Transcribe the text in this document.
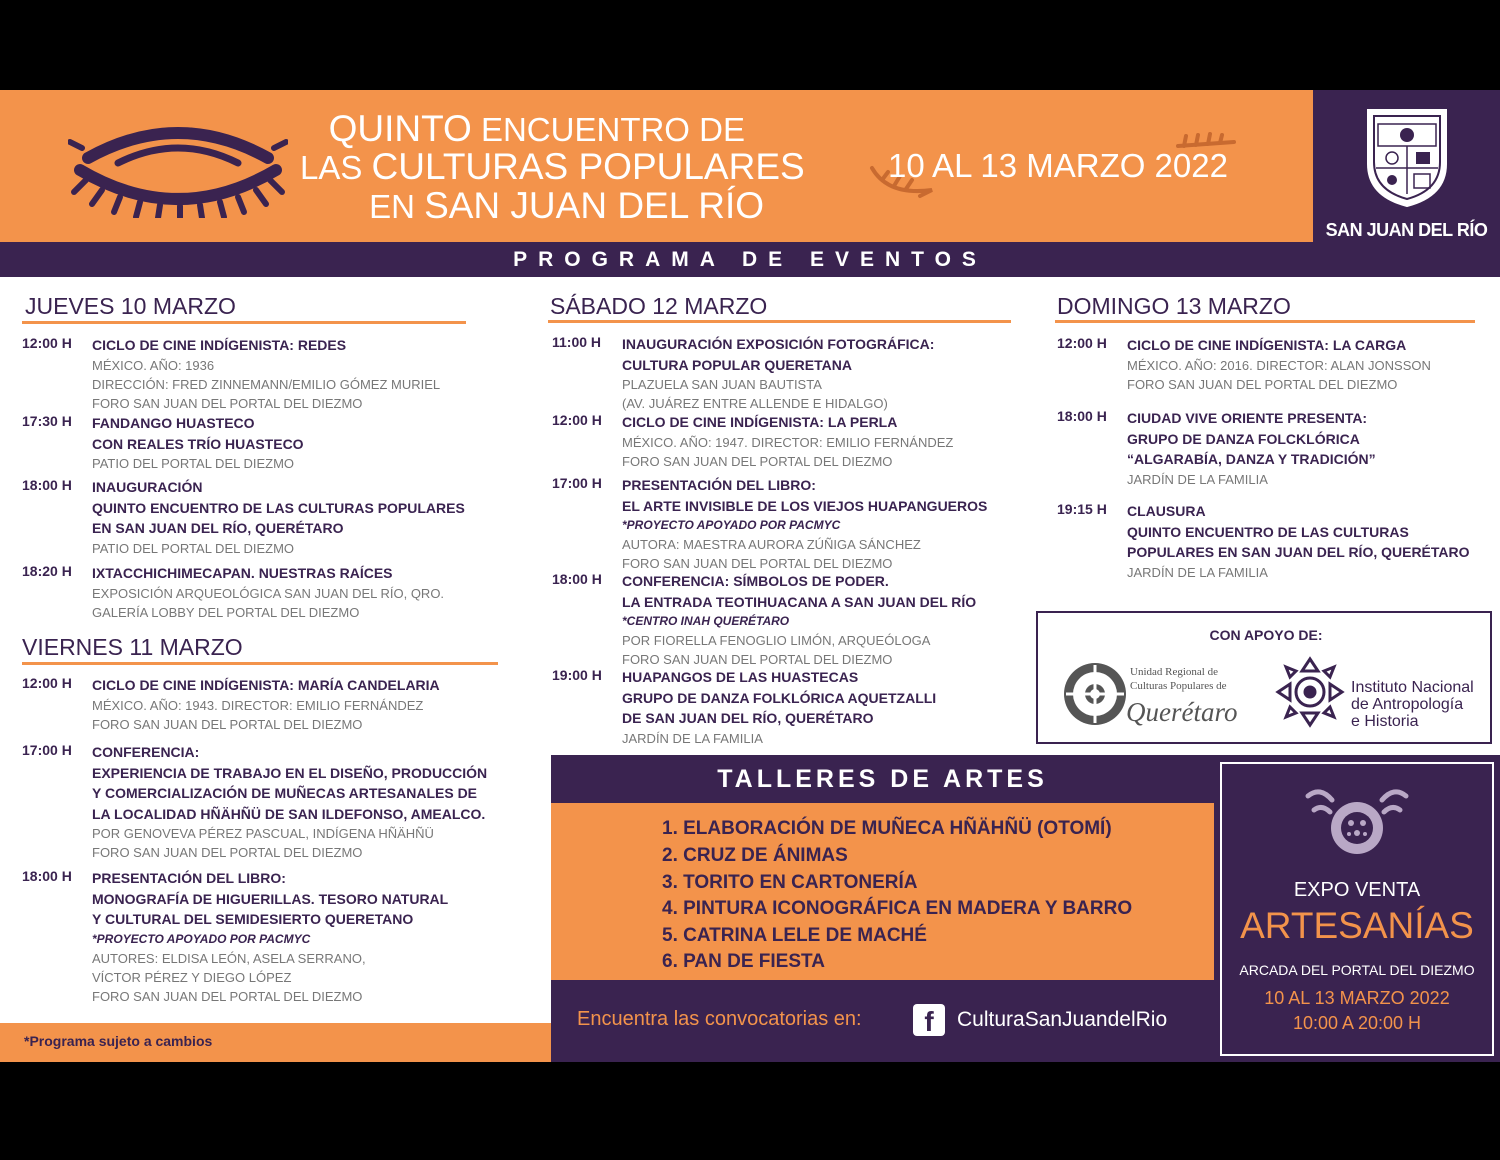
QUINTO ENCUENTRO DE
LAS CULTURAS POPULARES
EN SAN JUAN DEL RÍO
10 AL 13 MARZO 2022
SAN JUAN DEL RÍO
PROGRAMA DE EVENTOS
JUEVES 10 MARZO
VIERNES 11 MARZO
SÁBADO 12 MARZO	DOMINGO 13 MARZO
12:00 H CICLO DE CINE INDÍGENISTA: REDES
MÉXICO. AÑO: 1936
DIRECCIÓN: FRED ZINNEMANN/EMILIO GÓMEZ MURIEL
FORO SAN JUAN DEL PORTAL DEL DIEZMO
17:30 H FANDANGO HUASTECO
CON REALES TRÍO HUASTECO
PATIO DEL PORTAL DEL DIEZMO
18:00 H INAUGURACIÓN
QUINTO ENCUENTRO DE LAS CULTURAS POPULARES
EN SAN JUAN DEL RÍO, QUERÉTARO
PATIO DEL PORTAL DEL DIEZMO
18:20 H IXTACCHICHIMECAPAN. NUESTRAS RAÍCES
EXPOSICIÓN ARQUEOLÓGICA SAN JUAN DEL RÍO, QRO.
GALERÍA LOBBY DEL PORTAL DEL DIEZMO
12:00 H CICLO DE CINE INDÍGENISTA: MARÍA CANDELARIA
MÉXICO. AÑO: 1943. DIRECTOR: EMILIO FERNÁNDEZ
FORO SAN JUAN DEL PORTAL DEL DIEZMO
17:00 H CONFERENCIA:
EXPERIENCIA DE TRABAJO EN EL DISEÑO, PRODUCCIÓN
Y COMERCIALIZACIÓN DE MUÑECAS ARTESANALES DE
LA LOCALIDAD HÑÄHÑÜ DE SAN ILDEFONSO, AMEALCO.
POR GENOVEVA PÉREZ PASCUAL, INDÍGENA HÑÄHÑÜ
FORO SAN JUAN DEL PORTAL DEL DIEZMO
18:00 H PRESENTACIÓN DEL LIBRO:
MONOGRAFÍA DE HIGUERILLAS. TESORO NATURAL
Y CULTURAL DEL SEMIDESIERTO QUERETANO
*PROYECTO APOYADO POR PACMYC
AUTORES: ELDISA LEÓN, ASELA SERRANO,
VÍCTOR PÉREZ Y DIEGO LÓPEZ
FORO SAN JUAN DEL PORTAL DEL DIEZMO
11:00 H INAUGURACIÓN EXPOSICIÓN FOTOGRÁFICA:
CULTURA POPULAR QUERETANA
PLAZUELA SAN JUAN BAUTISTA
(AV. JUÁREZ ENTRE ALLENDE E HIDALGO)
12:00 H CICLO DE CINE INDÍGENISTA: LA PERLA
MÉXICO. AÑO: 1947. DIRECTOR: EMILIO FERNÁNDEZ
FORO SAN JUAN DEL PORTAL DEL DIEZMO
17:00 H PRESENTACIÓN DEL LIBRO:
EL ARTE INVISIBLE DE LOS VIEJOS HUAPANGUEROS
*PROYECTO APOYADO POR PACMYC
AUTORA: MAESTRA AURORA ZÚÑIGA SÁNCHEZ
FORO SAN JUAN DEL PORTAL DEL DIEZMO
18:00 H CONFERENCIA: SÍMBOLOS DE PODER.
LA ENTRADA TEOTIHUACANA A SAN JUAN DEL RÍO
*CENTRO INAH QUERÉTARO
POR FIORELLA FENOGLIO LIMÓN, ARQUEÓLOGA
FORO SAN JUAN DEL PORTAL DEL DIEZMO
19:00 H HUAPANGOS DE LAS HUASTECAS
GRUPO DE DANZA FOLKLÓRICA AQUETZALLI
DE SAN JUAN DEL RÍO, QUERÉTARO
JARDÍN DE LA FAMILIA
12:00 H CICLO DE CINE INDÍGENISTA: LA CARGA
MÉXICO. AÑO: 2016. DIRECTOR: ALAN JONSSON
FORO SAN JUAN DEL PORTAL DEL DIEZMO
18:00 H CIUDAD VIVE ORIENTE PRESENTA:
GRUPO DE DANZA FOLCKLÓRICA
“ALGARABÍA, DANZA Y TRADICIÓN”
JARDÍN DE LA FAMILIA
19:15 H CLAUSURA
QUINTO ENCUENTRO DE LAS CULTURAS
POPULARES EN SAN JUAN DEL RÍO, QUERÉTARO
JARDÍN DE LA FAMILIA
CON APOYO DE:
Unidad Regional de
Culturas Populares de
Querétaro
Instituto Nacional
de Antropología
e Historia
TALLERES DE ARTES
1. ELABORACIÓN DE MUÑECA HÑÄHÑÜ (OTOMÍ)
2. CRUZ DE ÁNIMAS
3. TORITO EN CARTONERÍA
4. PINTURA ICONOGRÁFICA EN MADERA Y BARRO
5. CATRINA LELE DE MACHÉ
6. PAN DE FIESTA
Encuentra las convocatorias en:	f	CulturaSanJuandelRio
EXPO VENTA
ARTESANÍAS
ARCADA DEL PORTAL DEL DIEZMO
10 AL 13 MARZO 2022
10:00 A 20:00 H
*Programa sujeto a cambios
